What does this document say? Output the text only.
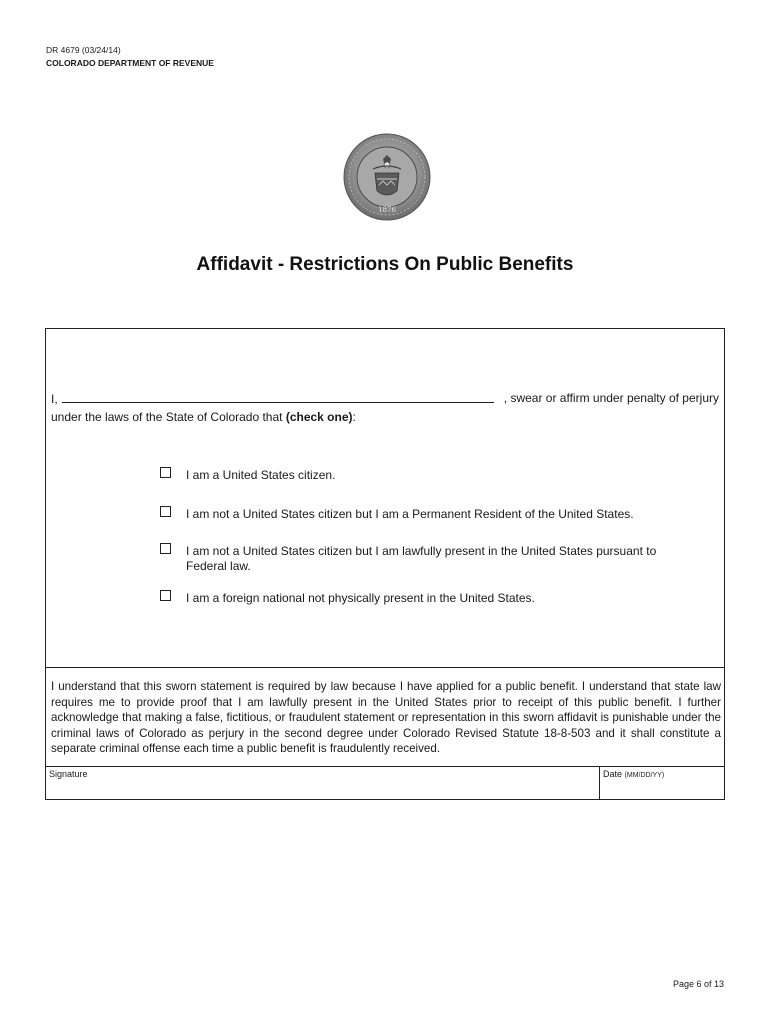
DR 4679 (03/24/14)
COLORADO DEPARTMENT OF REVENUE
1876
Affidavit - Restrictions On Public Benefits
I,	, swear or affirm under penalty of perjury
under the laws of the State of Colorado that (check one):
I am a United States citizen.
I am not a United States citizen but I am a Permanent Resident of the United States.
I am not a United States citizen but I am lawfully present in the United States pursuant to Federal law.
I am a foreign national not physically present in the United States.
I understand that this sworn statement is required by law because I have applied for a public benefit. I understand that state law requires me to provide proof that I am lawfully present in the United States prior to receipt of this public benefit. I further acknowledge that making a false, fictitious, or fraudulent statement or representation in this sworn affidavit is punishable under the criminal laws of Colorado as perjury in the second degree under Colorado Revised Statute 18-8-503 and it shall constitute a separate criminal offense each time a public benefit is fraudulently received.
Signature	Date (MM/DD/YY)
Page 6 of 13
